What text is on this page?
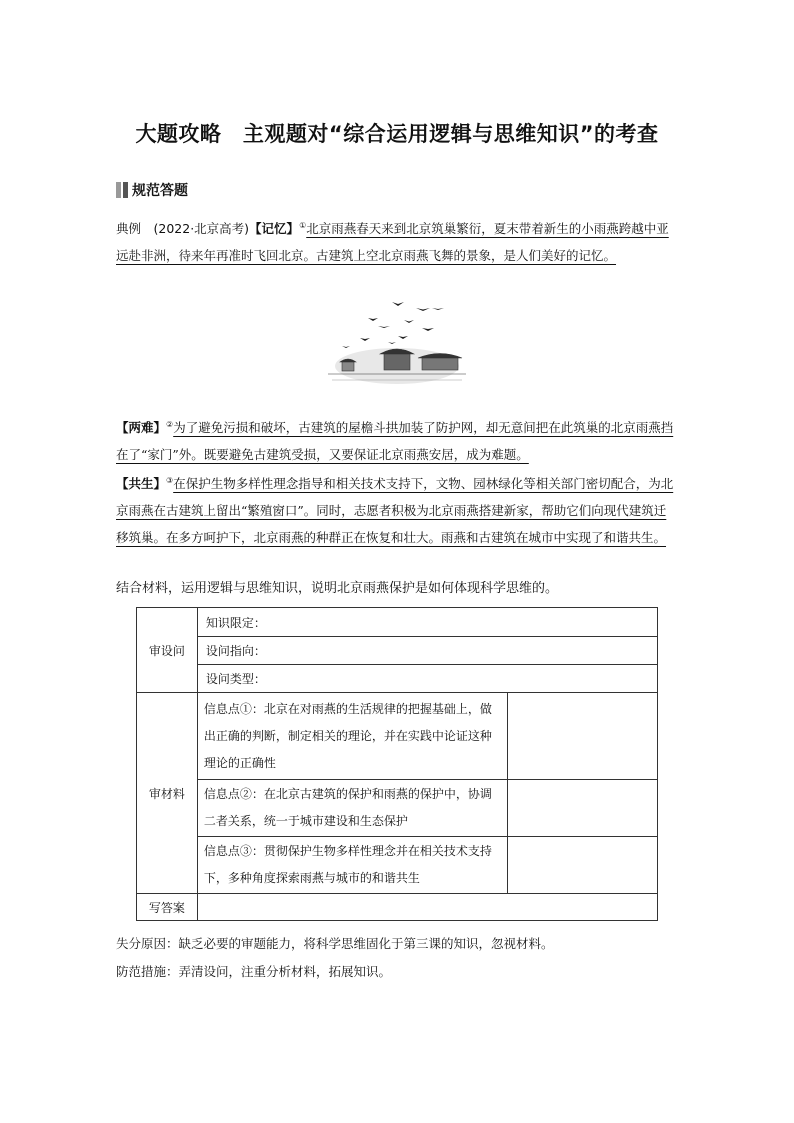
大题攻略　主观题对“综合运用逻辑与思维知识”的考查
规范答题
典例　(2022·北京高考)【记忆】①北京雨燕春天来到北京筑巢繁衍，夏末带着新生的小雨燕跨越中亚远赴非洲，待来年再准时飞回北京。古建筑上空北京雨燕飞舞的景象，是人们美好的记忆。
【两难】②为了避免污损和破坏，古建筑的屋檐斗拱加装了防护网，却无意间把在此筑巢的北京雨燕挡在了“家门”外。既要避免古建筑受损，又要保证北京雨燕安居，成为难题。
【共生】③在保护生物多样性理念指导和相关技术支持下，文物、园林绿化等相关部门密切配合，为北京雨燕在古建筑上留出“繁殖窗口”。同时，志愿者积极为北京雨燕搭建新家，帮助它们向现代建筑迁移筑巢。在多方呵护下，北京雨燕的种群正在恢复和壮大。雨燕和古建筑在城市中实现了和谐共生。
结合材料，运用逻辑与思维知识，说明北京雨燕保护是如何体现科学思维的。
审设问	知识限定：	
	设问指向：	
	设问类型：	
审材料	信息点①：北京在对雨燕的生活规律的把握基础上，做出正确的判断，制定相关的理论，并在实践中论证这种理论的正确性	
	信息点②：在北京古建筑的保护和雨燕的保护中，协调二者关系，统一于城市建设和生态保护	
	信息点③：贯彻保护生物多样性理念并在相关技术支持下，多种角度探索雨燕与城市的和谐共生	
写答案		
失分原因：缺乏必要的审题能力，将科学思维固化于第三课的知识，忽视材料。
防范措施：弄清设问，注重分析材料，拓展知识。
